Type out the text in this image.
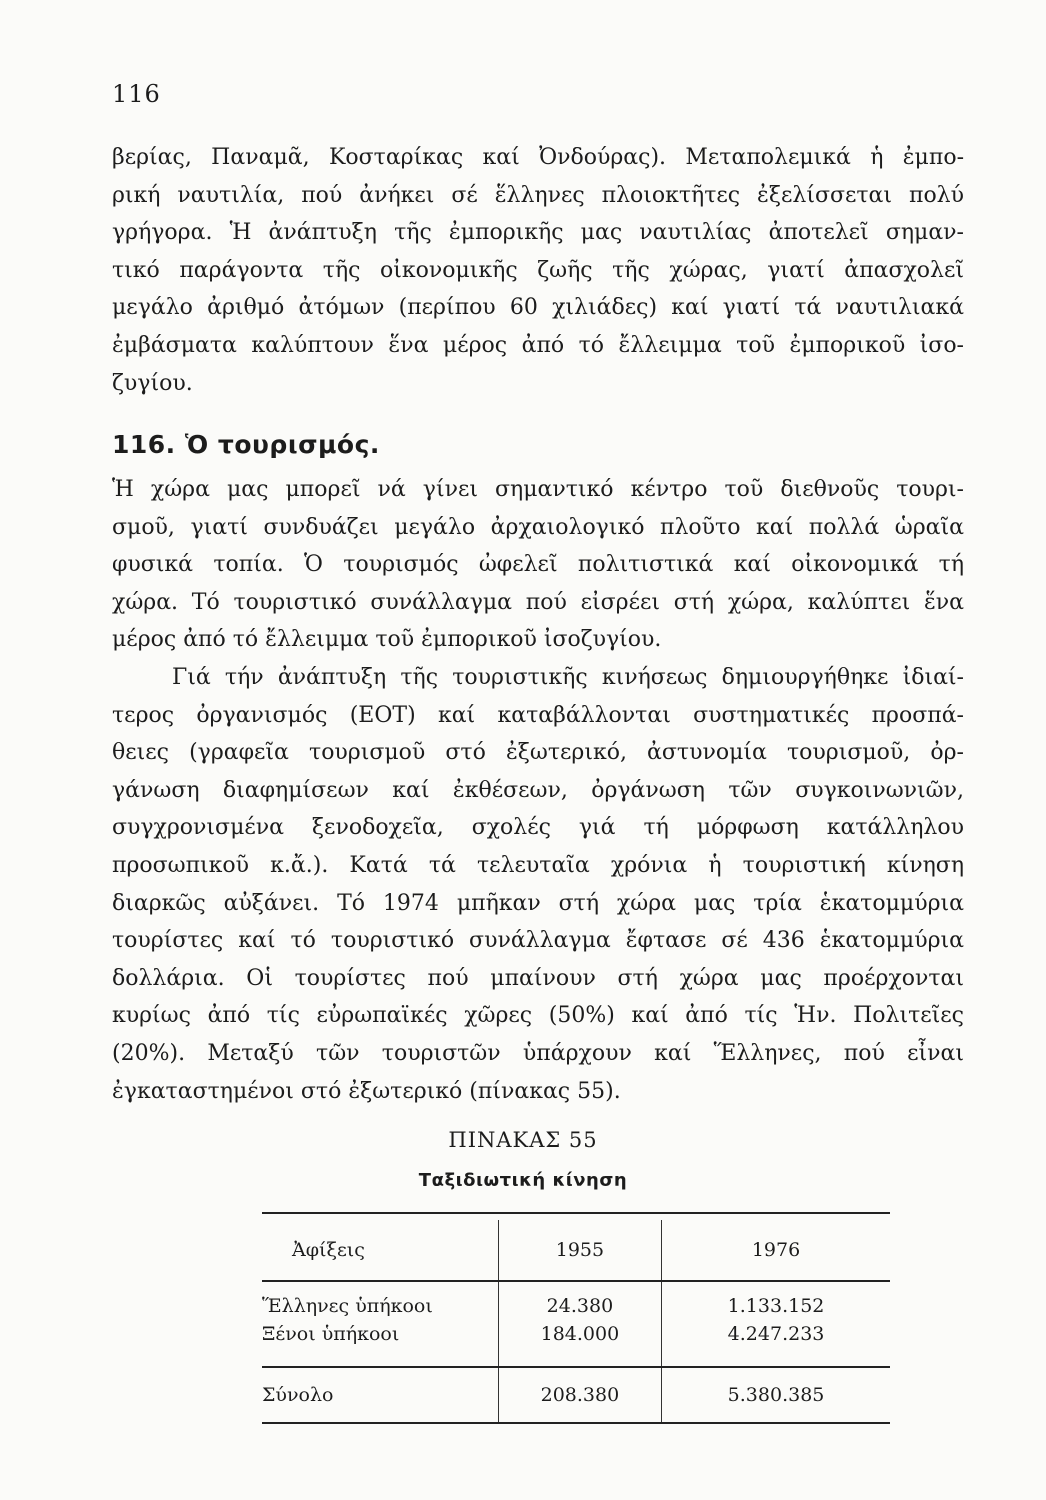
116
βερίας, Παναμᾶ, Κοσταρίκας καί Ὀνδούρας). Μεταπολεμικά ἡ ἐμπο-
ρική ναυτιλία, πού ἀνήκει σέ ἕλληνες πλοιοκτῆτες ἐξελίσσεται πολύ
γρήγορα. Ἡ ἀνάπτυξη τῆς ἐμπορικῆς μας ναυτιλίας ἀποτελεῖ σημαν-
τικό παράγοντα τῆς οἰκονομικῆς ζωῆς τῆς χώρας, γιατί ἀπασχολεῖ
μεγάλο ἀριθμό ἀτόμων (περίπου 60 χιλιάδες) καί γιατί τά ναυτιλιακά
ἐμβάσματα καλύπτουν ἕνα μέρος ἀπό τό ἔλλειμμα τοῦ ἐμπορικοῦ ἰσο-
ζυγίου.
116. Ὁ τουρισμός.
Ἡ χώρα μας μπορεῖ νά γίνει σημαντικό κέντρο τοῦ διεθνοῦς τουρι-
σμοῦ, γιατί συνδυάζει μεγάλο ἀρχαιολογικό πλοῦτο καί πολλά ὡραῖα
φυσικά τοπία. Ὁ τουρισμός ὠφελεῖ πολιτιστικά καί οἰκονομικά τή
χώρα. Τό τουριστικό συνάλλαγμα πού εἰσρέει στή χώρα, καλύπτει ἕνα
μέρος ἀπό τό ἔλλειμμα τοῦ ἐμπορικοῦ ἰσοζυγίου.
Γιά τήν ἀνάπτυξη τῆς τουριστικῆς κινήσεως δημιουργήθηκε ἰδιαί-
τερος ὀργανισμός (ΕΟΤ) καί καταβάλλονται συστηματικές προσπά-
θειες (γραφεῖα τουρισμοῦ στό ἐξωτερικό, ἀστυνομία τουρισμοῦ, ὀρ-
γάνωση διαφημίσεων καί ἐκθέσεων, ὀργάνωση τῶν συγκοινωνιῶν,
συγχρονισμένα ξενοδοχεῖα, σχολές γιά τή μόρφωση κατάλληλου
προσωπικοῦ κ.ἄ.). Κατά τά τελευταῖα χρόνια ἡ τουριστική κίνηση
διαρκῶς αὐξάνει. Τό 1974 μπῆκαν στή χώρα μας τρία ἑκατομμύρια
τουρίστες καί τό τουριστικό συνάλλαγμα ἔφτασε σέ 436 ἑκατομμύρια
δολλάρια. Οἱ τουρίστες πού μπαίνουν στή χώρα μας προέρχονται
κυρίως ἀπό τίς εὐρωπαϊκές χῶρες (50%) καί ἀπό τίς Ἡν. Πολιτεῖες
(20%). Μεταξύ τῶν τουριστῶν ὑπάρχουν καί Ἕλληνες, πού εἶναι
ἐγκαταστημένοι στό ἐξωτερικό (πίνακας 55).
ΠΙΝΑΚΑΣ 55
Ταξιδιωτική κίνηση

Ἀφίξεις	1955	1976
Ἕλληνες ὑπήκοοι	24.380	1.133.152
Ξένοι ὑπήκοοι	184.000	4.247.233

Σύνολο	208.380	5.380.385
